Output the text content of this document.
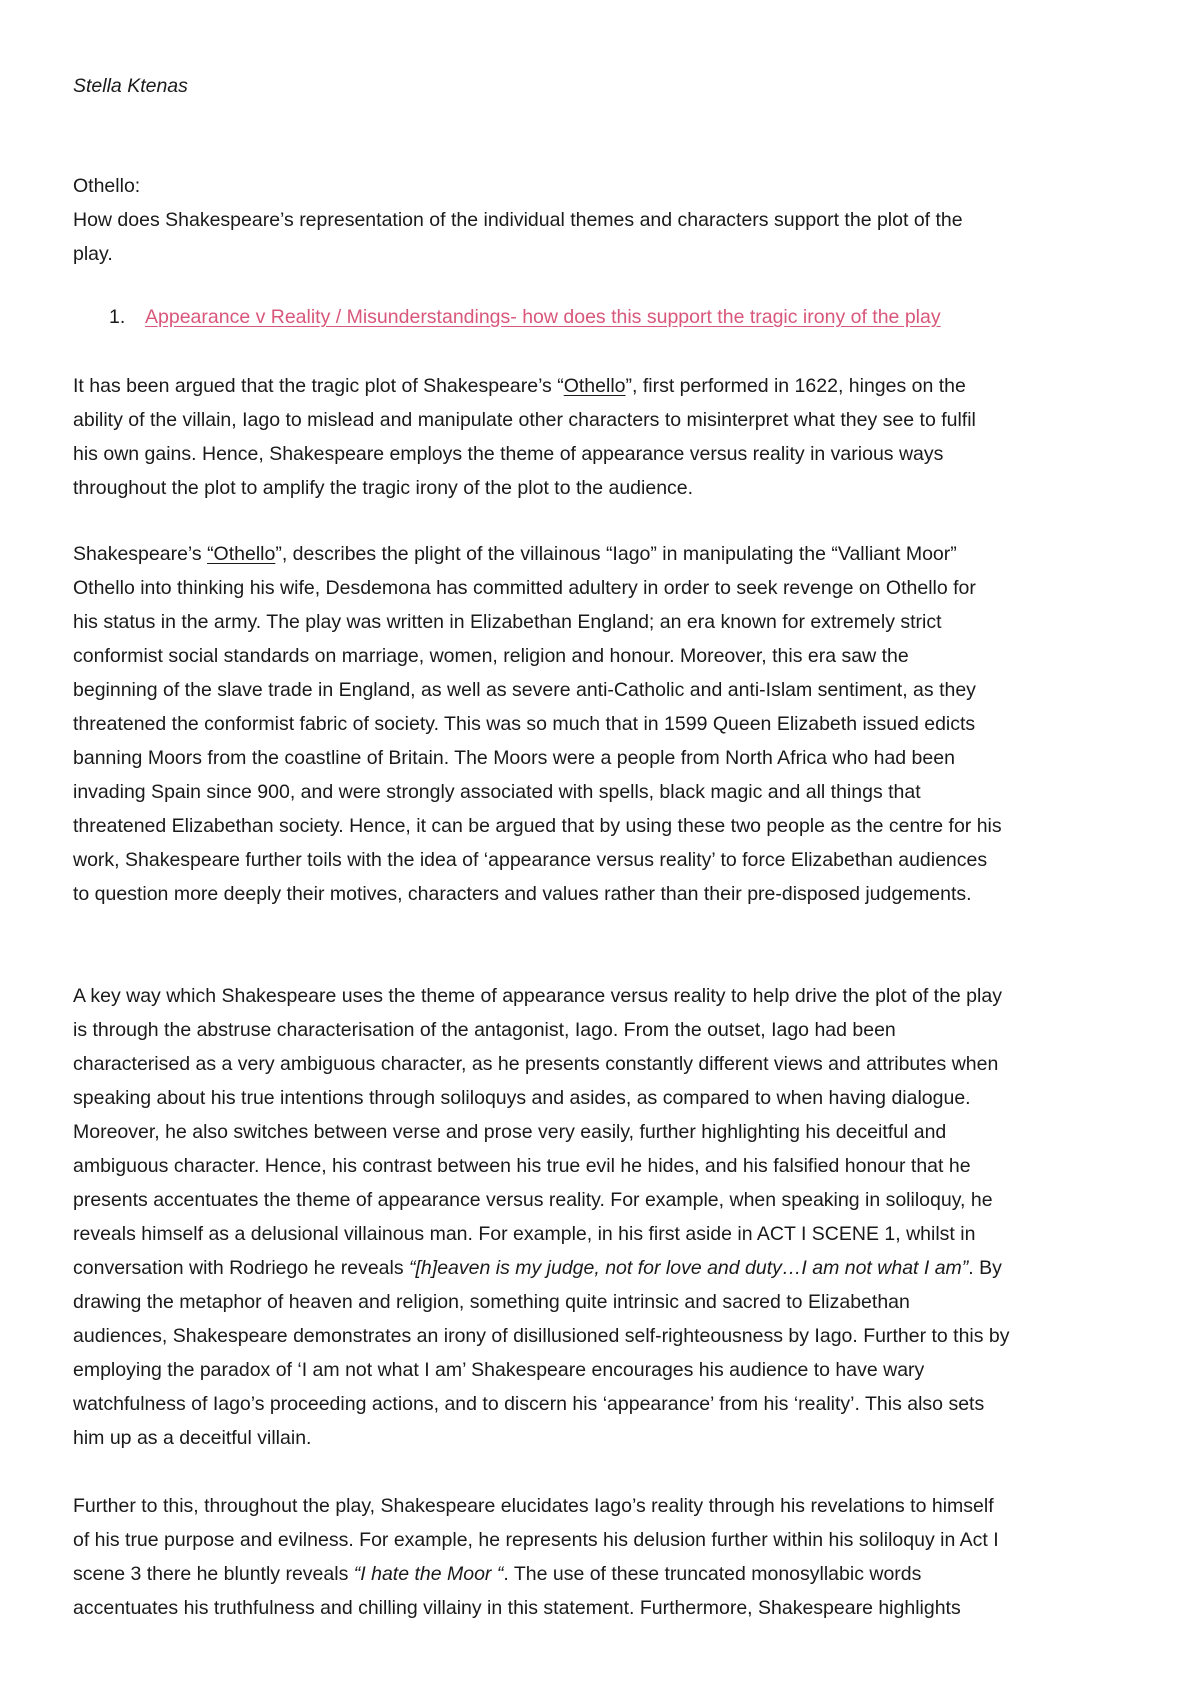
Stella Ktenas
Othello:
How does Shakespeare’s representation of the individual themes and characters support the plot of the
play.
1. Appearance v Reality / Misunderstandings- how does this support the tragic irony of the play
It has been argued that the tragic plot of Shakespeare’s “Othello”, first performed in 1622, hinges on the
ability of the villain, Iago to mislead and manipulate other characters to misinterpret what they see to fulfil
his own gains. Hence, Shakespeare employs the theme of appearance versus reality in various ways
throughout the plot to amplify the tragic irony of the plot to the audience.
Shakespeare’s “Othello”, describes the plight of the villainous “Iago” in manipulating the “Valliant Moor”
Othello into thinking his wife, Desdemona has committed adultery in order to seek revenge on Othello for
his status in the army. The play was written in Elizabethan England; an era known for extremely strict
conformist social standards on marriage, women, religion and honour. Moreover, this era saw the
beginning of the slave trade in England, as well as severe anti-Catholic and anti-Islam sentiment, as they
threatened the conformist fabric of society. This was so much that in 1599 Queen Elizabeth issued edicts
banning Moors from the coastline of Britain. The Moors were a people from North Africa who had been
invading Spain since 900, and were strongly associated with spells, black magic and all things that
threatened Elizabethan society. Hence, it can be argued that by using these two people as the centre for his
work, Shakespeare further toils with the idea of ‘appearance versus reality’ to force Elizabethan audiences
to question more deeply their motives, characters and values rather than their pre-disposed judgements.
A key way which Shakespeare uses the theme of appearance versus reality to help drive the plot of the play
is through the abstruse characterisation of the antagonist, Iago. From the outset, Iago had been
characterised as a very ambiguous character, as he presents constantly different views and attributes when
speaking about his true intentions through soliloquys and asides, as compared to when having dialogue.
Moreover, he also switches between verse and prose very easily, further highlighting his deceitful and
ambiguous character. Hence, his contrast between his true evil he hides, and his falsified honour that he
presents accentuates the theme of appearance versus reality. For example, when speaking in soliloquy, he
reveals himself as a delusional villainous man. For example, in his first aside in ACT I SCENE 1, whilst in
conversation with Rodriego he reveals “[h]eaven is my judge, not for love and duty…I am not what I am”. By
drawing the metaphor of heaven and religion, something quite intrinsic and sacred to Elizabethan
audiences, Shakespeare demonstrates an irony of disillusioned self-righteousness by Iago. Further to this by
employing the paradox of ‘I am not what I am’ Shakespeare encourages his audience to have wary
watchfulness of Iago’s proceeding actions, and to discern his ‘appearance’ from his ‘reality’. This also sets
him up as a deceitful villain.
Further to this, throughout the play, Shakespeare elucidates Iago’s reality through his revelations to himself
of his true purpose and evilness. For example, he represents his delusion further within his soliloquy in Act I
scene 3 there he bluntly reveals “I hate the Moor “. The use of these truncated monosyllabic words
accentuates his truthfulness and chilling villainy in this statement. Furthermore, Shakespeare highlights
